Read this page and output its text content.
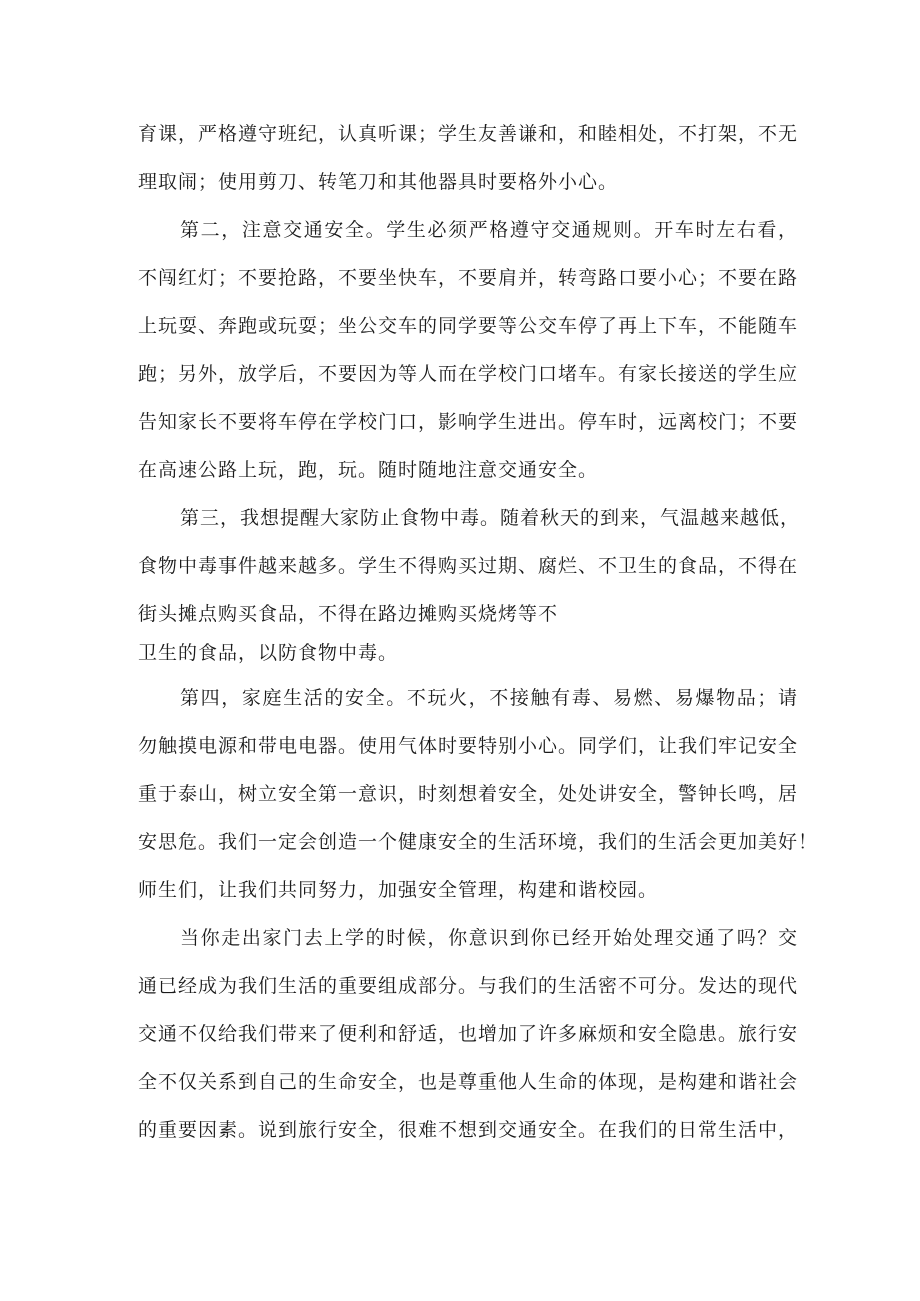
育课，严格遵守班纪，认真听课；学生友善谦和，和睦相处，不打架，不无
理取闹；使用剪刀、转笔刀和其他器具时要格外小心。
第二，注意交通安全。学生必须严格遵守交通规则。开车时左右看，
不闯红灯；不要抢路，不要坐快车，不要肩并，转弯路口要小心；不要在路
上玩耍、奔跑或玩耍；坐公交车的同学要等公交车停了再上下车，不能随车
跑；另外，放学后，不要因为等人而在学校门口堵车。有家长接送的学生应
告知家长不要将车停在学校门口，影响学生进出。停车时，远离校门；不要
在高速公路上玩，跑，玩。随时随地注意交通安全。
第三，我想提醒大家防止食物中毒。随着秋天的到来，气温越来越低，
食物中毒事件越来越多。学生不得购买过期、腐烂、不卫生的食品，不得在
街头摊点购买食品，不得在路边摊购买烧烤等不
卫生的食品，以防食物中毒。
第四，家庭生活的安全。不玩火，不接触有毒、易燃、易爆物品；请
勿触摸电源和带电电器。使用气体时要特别小心。同学们，让我们牢记安全
重于泰山，树立安全第一意识，时刻想着安全，处处讲安全，警钟长鸣，居
安思危。我们一定会创造一个健康安全的生活环境，我们的生活会更加美好！
师生们，让我们共同努力，加强安全管理，构建和谐校园。
当你走出家门去上学的时候，你意识到你已经开始处理交通了吗？交
通已经成为我们生活的重要组成部分。与我们的生活密不可分。发达的现代
交通不仅给我们带来了便利和舒适，也增加了许多麻烦和安全隐患。旅行安
全不仅关系到自己的生命安全，也是尊重他人生命的体现，是构建和谐社会
的重要因素。说到旅行安全，很难不想到交通安全。在我们的日常生活中，
